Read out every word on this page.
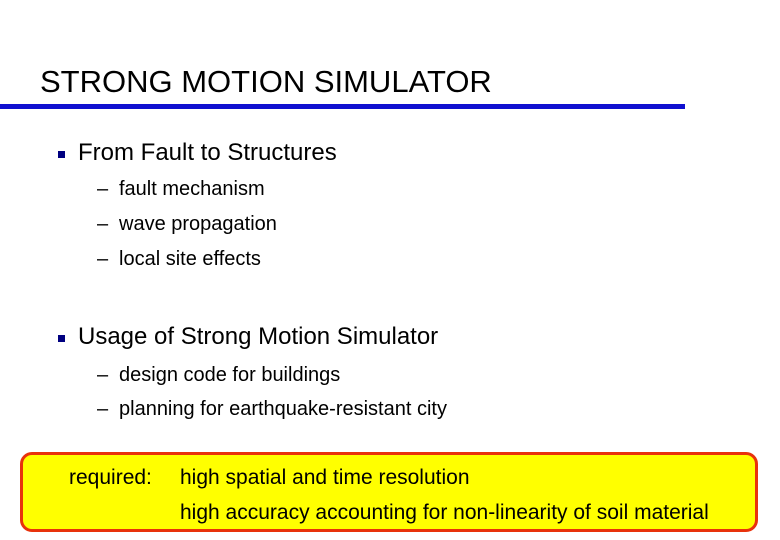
STRONG MOTION SIMULATOR
From Fault to Structures
– fault mechanism
– wave propagation
– local site effects
Usage of Strong Motion Simulator
– design code for buildings
– planning for earthquake-resistant city
required: high spatial and time resolution
high accuracy accounting for non-linearity of soil material
